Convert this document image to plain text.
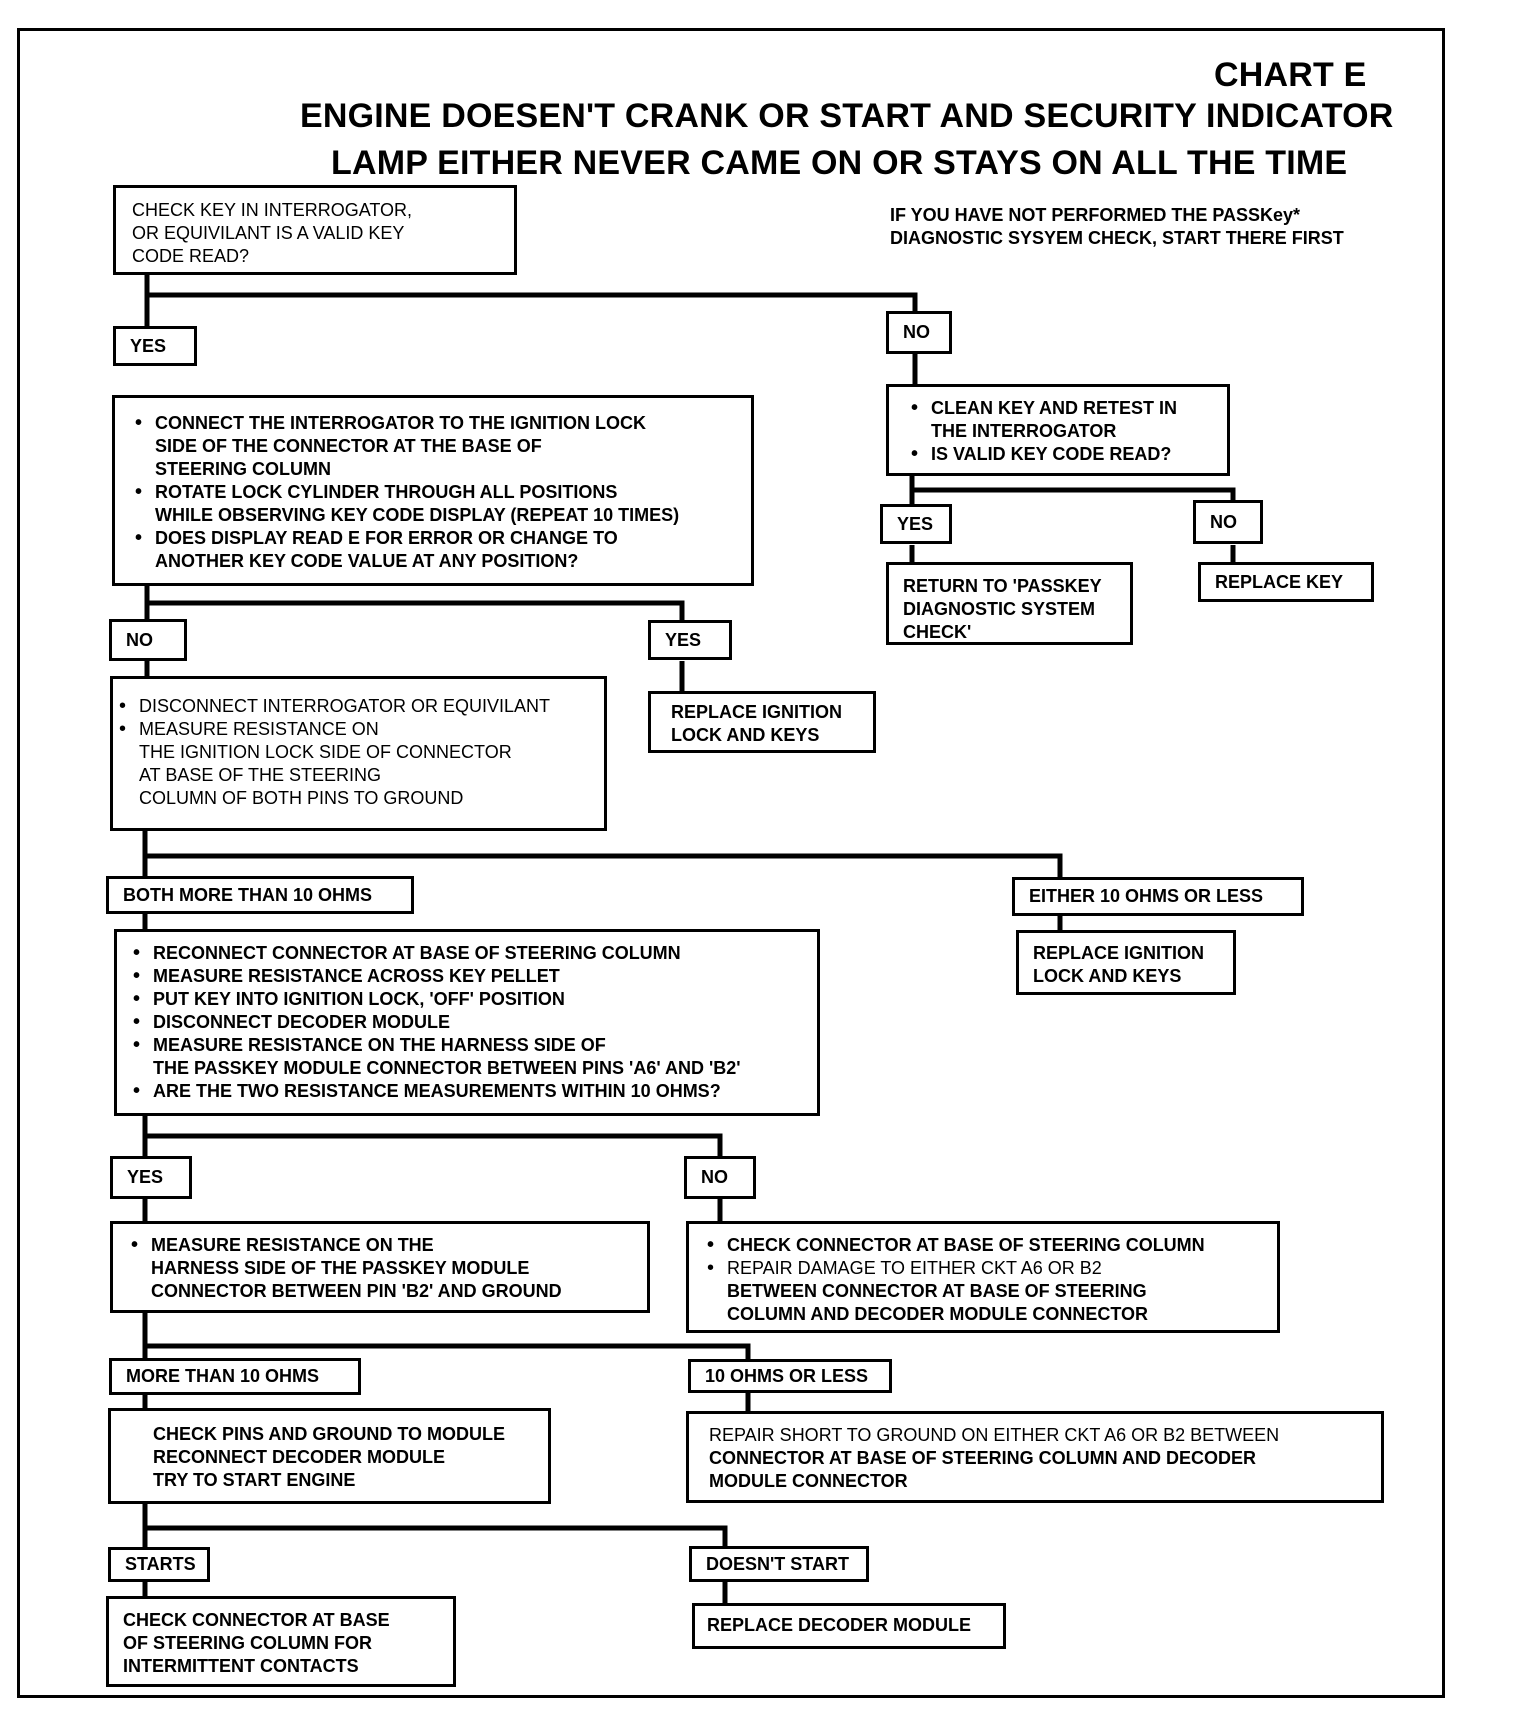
CHART E
ENGINE DOESEN'T CRANK OR START AND SECURITY INDICATOR
LAMP EITHER NEVER CAME ON OR STAYS ON ALL THE TIME
IF YOU HAVE NOT PERFORMED THE PASSKey* DIAGNOSTIC SYSYEM CHECK, START THERE FIRST
CHECK KEY IN INTERROGATOR,
OR EQUIVILANT IS A VALID KEY
CODE READ?
YES
NO
YES	NO
NO	YES
BOTH MORE THAN 10 OHMS	EITHER 10 OHMS OR LESS
YES	NO
MORE THAN 10 OHMS	10 OHMS OR LESS
STARTS	DOESN'T START
• CONNECT THE INTERROGATOR TO THE IGNITION LOCK
SIDE OF THE CONNECTOR AT THE BASE OF
STEERING COLUMN
• ROTATE LOCK CYLINDER THROUGH ALL POSITIONS
WHILE OBSERVING KEY CODE DISPLAY (REPEAT 10 TIMES)
• DOES DISPLAY READ E FOR ERROR OR CHANGE TO
ANOTHER KEY CODE VALUE AT ANY POSITION?
• CLEAN KEY AND RETEST IN
THE INTERROGATOR
• IS VALID KEY CODE READ?
RETURN TO 'PASSKEY
DIAGNOSTIC SYSTEM
CHECK'
REPLACE KEY
REPLACE IGNITION
LOCK AND KEYS
• DISCONNECT INTERROGATOR OR EQUIVILANT
• MEASURE RESISTANCE ON
THE IGNITION LOCK SIDE OF CONNECTOR
AT BASE OF THE STEERING
COLUMN OF BOTH PINS TO GROUND
REPLACE IGNITION
LOCK AND KEYS
• RECONNECT CONNECTOR AT BASE OF STEERING COLUMN
• MEASURE RESISTANCE ACROSS KEY PELLET
• PUT KEY INTO IGNITION LOCK, 'OFF' POSITION
• DISCONNECT DECODER MODULE
• MEASURE RESISTANCE ON THE HARNESS SIDE OF
THE PASSKEY MODULE CONNECTOR BETWEEN PINS 'A6' AND 'B2'
• ARE THE TWO RESISTANCE MEASUREMENTS WITHIN 10 OHMS?
• MEASURE RESISTANCE ON THE
HARNESS SIDE OF THE PASSKEY MODULE
CONNECTOR BETWEEN PIN 'B2' AND GROUND
• CHECK CONNECTOR AT BASE OF STEERING COLUMN
• REPAIR DAMAGE TO EITHER CKT A6 OR B2
BETWEEN CONNECTOR AT BASE OF STEERING
COLUMN AND DECODER MODULE CONNECTOR
CHECK PINS AND GROUND TO MODULE
RECONNECT DECODER MODULE
TRY TO START ENGINE
REPAIR SHORT TO GROUND ON EITHER CKT A6 OR B2 BETWEEN
CONNECTOR AT BASE OF STEERING COLUMN AND DECODER
MODULE CONNECTOR
CHECK CONNECTOR AT BASE
OF STEERING COLUMN FOR
INTERMITTENT CONTACTS
REPLACE DECODER MODULE
